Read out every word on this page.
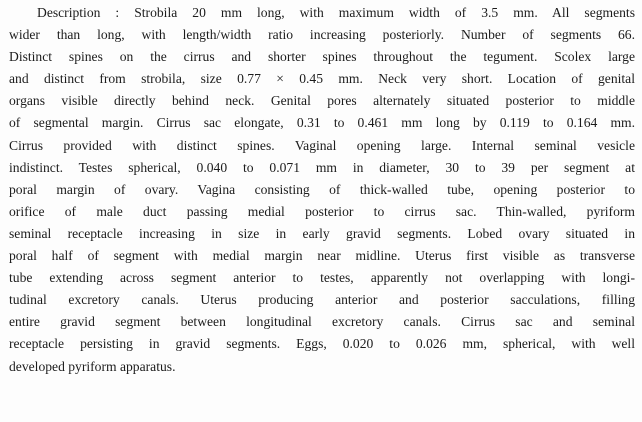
Description : Strobila 20 mm long, with maximum width of 3.5 mm. All segments
wider than long, with length/width ratio increasing posteriorly. Number of segments 66.
Distinct spines on the cirrus and shorter spines throughout the tegument. Scolex large
and distinct from strobila, size 0.77 × 0.45 mm. Neck very short. Location of genital
organs visible directly behind neck. Genital pores alternately situated posterior to middle
of segmental margin. Cirrus sac elongate, 0.31 to 0.461 mm long by 0.119 to 0.164 mm.
Cirrus provided with distinct spines. Vaginal opening large. Internal seminal vesicle
indistinct. Testes spherical, 0.040 to 0.071 mm in diameter, 30 to 39 per segment at
poral margin of ovary. Vagina consisting of thick-walled tube, opening posterior to
orifice of male duct passing medial posterior to cirrus sac. Thin-walled, pyriform
seminal receptacle increasing in size in early gravid segments. Lobed ovary situated in
poral half of segment with medial margin near midline. Uterus first visible as transverse
tube extending across segment anterior to testes, apparently not overlapping with longi-
tudinal excretory canals. Uterus producing anterior and posterior sacculations, filling
entire gravid segment between longitudinal excretory canals. Cirrus sac and seminal
receptacle persisting in gravid segments. Eggs, 0.020 to 0.026 mm, spherical, with well
developed pyriform apparatus.
